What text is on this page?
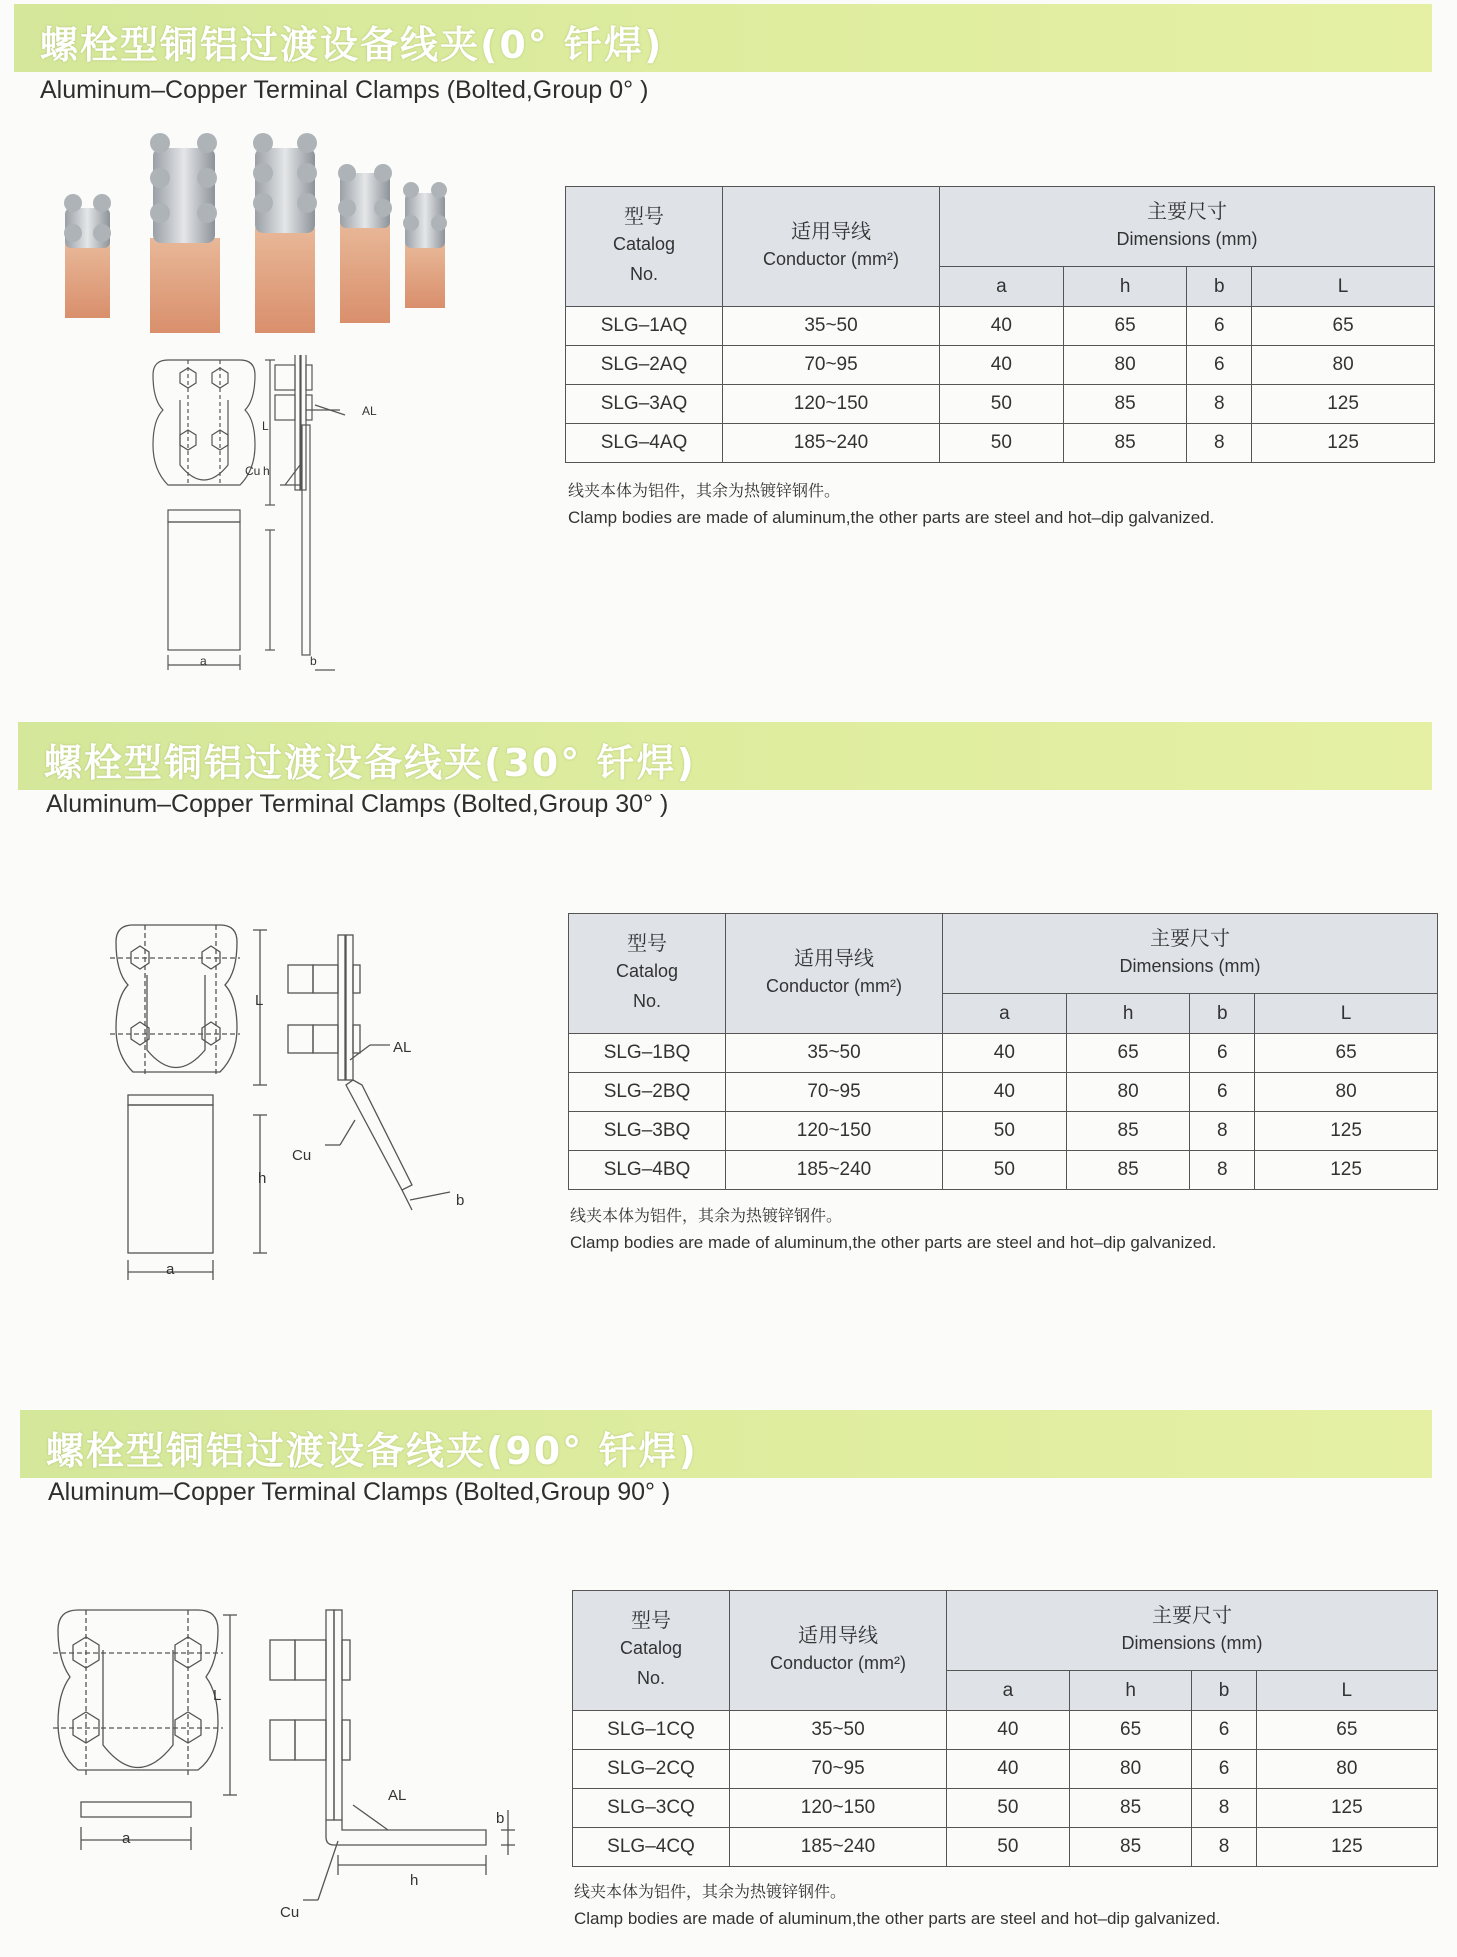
螺栓型铜铝过渡设备线夹(0° 钎焊)
Aluminum–Copper Terminal Clamps (Bolted,Group 0° )
AL
Cu h
a	b
L
型号
Catalog
No.	适用导线
Conductor (mm²)	主要尺寸
Dimensions (mm)			

		a	h	b	L
SLG–1AQ	35~50	40	65	6	65
SLG–2AQ	70~95	40	80	6	80
SLG–3AQ	120~150	50	85	8	125
SLG–4AQ	185~240	50	85	8	125
线夹本体为铝件，其余为热镀锌钢件。
Clamp bodies are made of aluminum,the other parts are steel and hot–dip galvanized.
螺栓型铜铝过渡设备线夹(30° 钎焊)
Aluminum–Copper Terminal Clamps (Bolted,Group 30° )
AL
Cu
h
a
b
L
型号
Catalog
No.	适用导线
Conductor (mm²)	主要尺寸
Dimensions (mm)			

		a	h	b	L
SLG–1BQ	35~50	40	65	6	65
SLG–2BQ	70~95	40	80	6	80
SLG–3BQ	120~150	50	85	8	125
SLG–4BQ	185~240	50	85	8	125
线夹本体为铝件，其余为热镀锌钢件。
Clamp bodies are made of aluminum,the other parts are steel and hot–dip galvanized.
螺栓型铜铝过渡设备线夹(90° 钎焊)
Aluminum–Copper Terminal Clamps (Bolted,Group 90° )
AL
Cu
h
a
b
L
型号
Catalog
No.	适用导线
Conductor (mm²)	主要尺寸
Dimensions (mm)			

		a	h	b	L
SLG–1CQ	35~50	40	65	6	65
SLG–2CQ	70~95	40	80	6	80
SLG–3CQ	120~150	50	85	8	125
SLG–4CQ	185~240	50	85	8	125
线夹本体为铝件，其余为热镀锌钢件。
Clamp bodies are made of aluminum,the other parts are steel and hot–dip galvanized.
